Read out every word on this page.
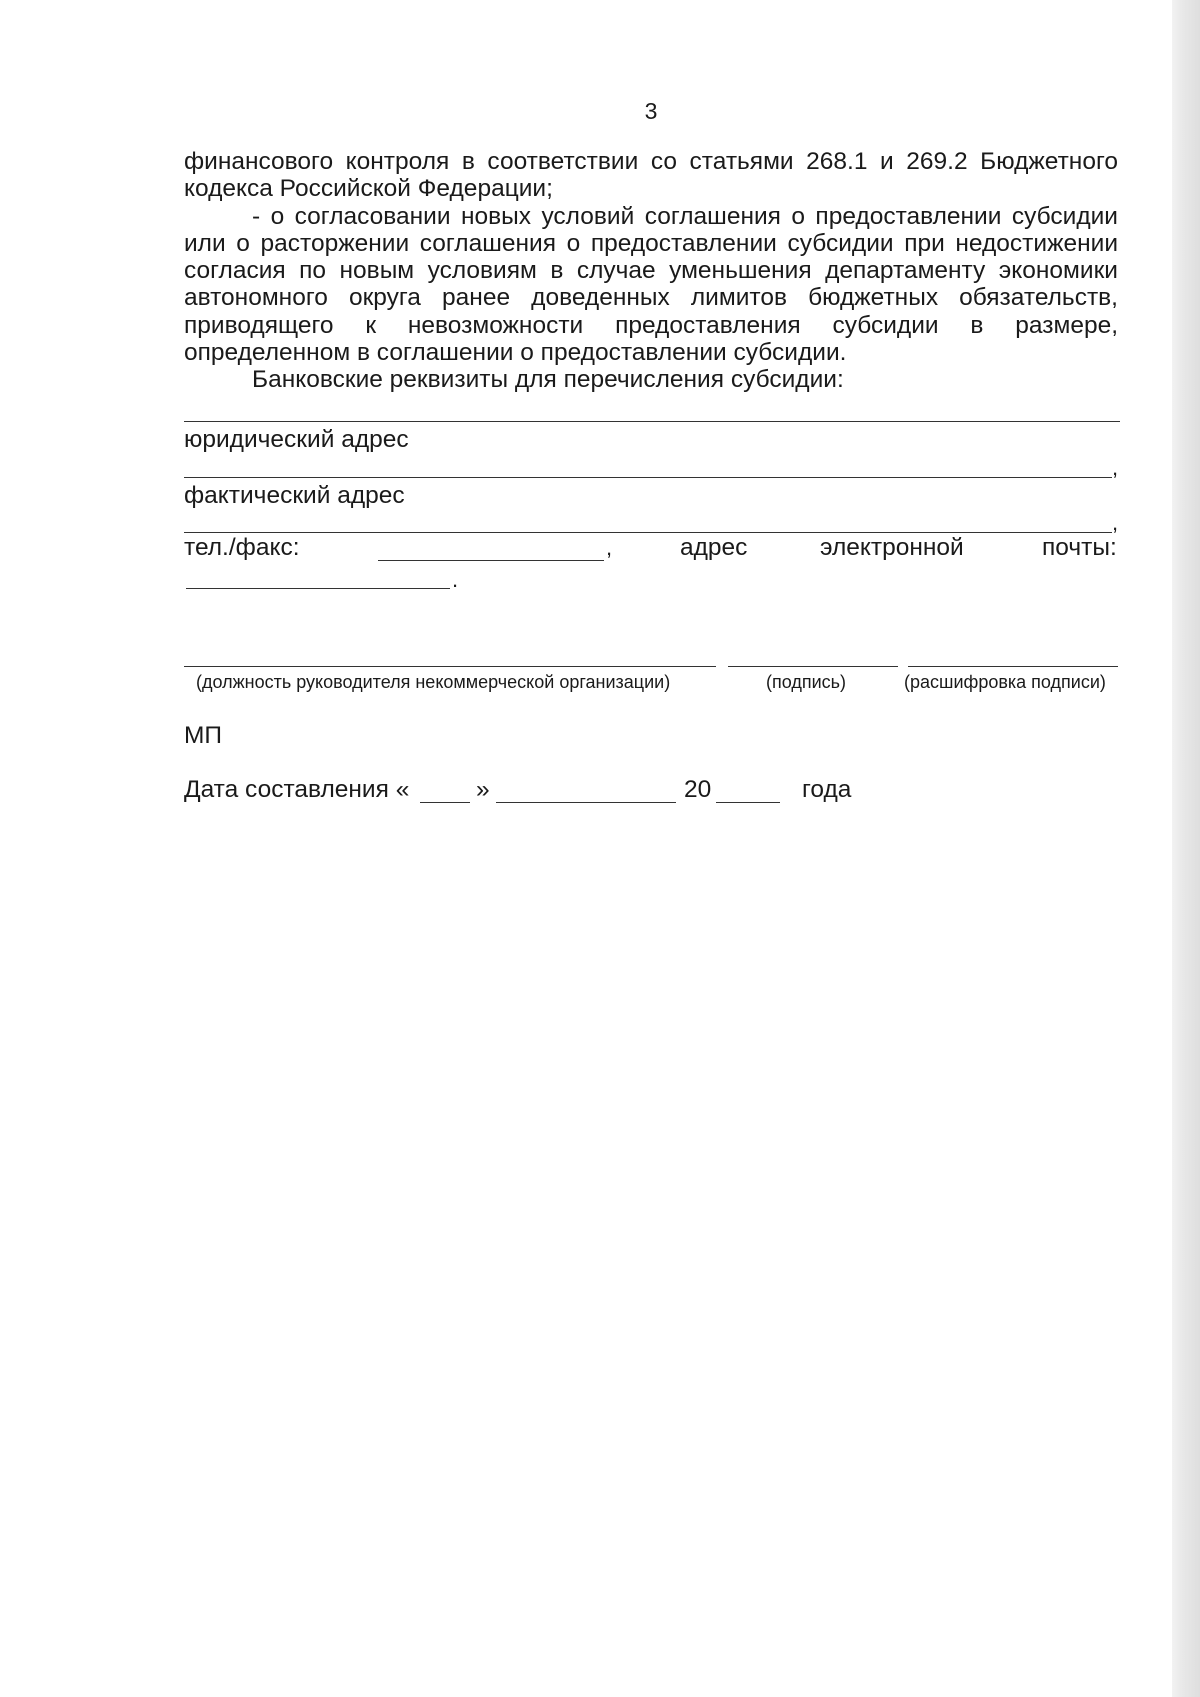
3
финансового контроля в соответствии со статьями 268.1 и 269.2 Бюджетного
кодекса Российской Федерации;
- о согласовании новых условий соглашения о предоставлении субсидии
или о расторжении соглашения о предоставлении субсидии при недостижении
согласия по новым условиям в случае уменьшения департаменту экономики
автономного округа ранее доведенных лимитов бюджетных обязательств,
приводящего к невозможности предоставления субсидии в размере,
определенном в соглашении о предоставлении субсидии.
Банковские реквизиты для перечисления субсидии:
юридический адрес
,
фактический адрес
,
тел./факс:	,	адрес	электронной	почты:
.
(должность руководителя некоммерческой организации)	(подпись)	(расшифровка подписи)
МП
Дата составления «	»	20	года
